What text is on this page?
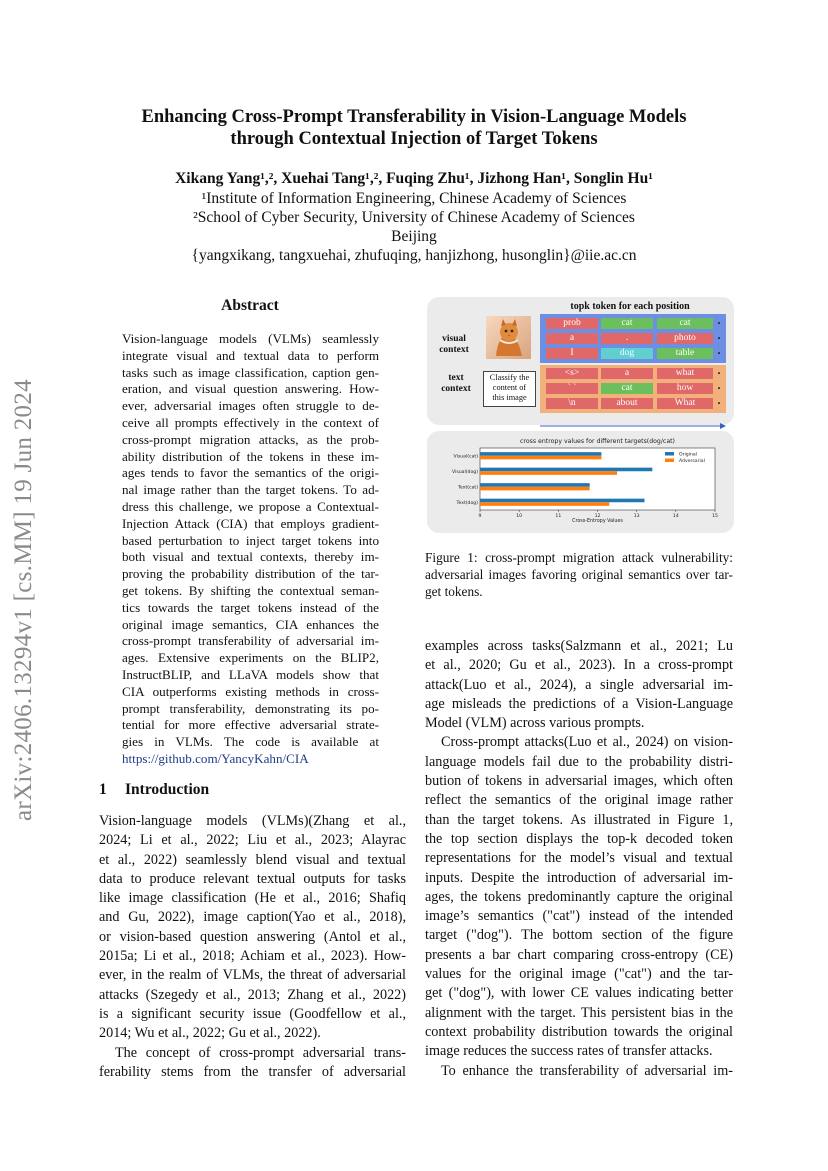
arXiv:2406.13294v1 [cs.MM] 19 Jun 2024
Enhancing Cross-Prompt Transferability in Vision-Language Models
through Contextual Injection of Target Tokens
Xikang Yang¹,², Xuehai Tang¹,², Fuqing Zhu¹, Jizhong Han¹, Songlin Hu¹
¹Institute of Information Engineering, Chinese Academy of Sciences
²School of Cyber Security, University of Chinese Academy of Sciences
Beijing
{yangxikang, tangxuehai, zhufuqing, hanjizhong, husonglin}@iie.ac.cn
Abstract
Vision-language models (VLMs) seamlessly
integrate visual and textual data to perform
tasks such as image classification, caption gen-
eration, and visual question answering. How-
ever, adversarial images often struggle to de-
ceive all prompts effectively in the context of
cross-prompt migration attacks, as the prob-
ability distribution of the tokens in these im-
ages tends to favor the semantics of the origi-
nal image rather than the target tokens. To ad-
dress this challenge, we propose a Contextual-
Injection Attack (CIA) that employs gradient-
based perturbation to inject target tokens into
both visual and textual contexts, thereby im-
proving the probability distribution of the tar-
get tokens. By shifting the contextual seman-
tics towards the target tokens instead of the
original image semantics, CIA enhances the
cross-prompt transferability of adversarial im-
ages. Extensive experiments on the BLIP2,
InstructBLIP, and LLaVA models show that
CIA outperforms existing methods in cross-
prompt transferability, demonstrating its po-
tential for more effective adversarial strate-
gies in VLMs. The code is available at
https://github.com/YancyKahn/CIA
1 Introduction
Vision-language models (VLMs)(Zhang et al.,
2024; Li et al., 2022; Liu et al., 2023; Alayrac
et al., 2022) seamlessly blend visual and textual
data to produce relevant textual outputs for tasks
like image classification (He et al., 2016; Shafiq
and Gu, 2022), image caption(Yao et al., 2018),
or vision-based question answering (Antol et al.,
2015a; Li et al., 2018; Achiam et al., 2023). How-
ever, in the realm of VLMs, the threat of adversarial
attacks (Szegedy et al., 2013; Zhang et al., 2022)
is a significant security issue (Goodfellow et al.,
2014; Wu et al., 2022; Gu et al., 2022).
The concept of cross-prompt adversarial trans-
ferability stems from the transfer of adversarial
examples across tasks(Salzmann et al., 2021; Lu
et al., 2020; Gu et al., 2023). In a cross-prompt
attack(Luo et al., 2024), a single adversarial im-
age misleads the predictions of a Vision-Language
Model (VLM) across various prompts.
Cross-prompt attacks(Luo et al., 2024) on vision-
language models fail due to the probability distri-
bution of tokens in adversarial images, which often
reflect the semantics of the original image rather
than the target tokens. As illustrated in Figure 1,
the top section displays the top-k decoded token
representations for the model’s visual and textual
inputs. Despite the introduction of adversarial im-
ages, the tokens predominantly capture the original
image’s semantics ("cat") instead of the intended
target ("dog"). The bottom section of the figure
presents a bar chart comparing cross-entropy (CE)
values for the original image ("cat") and the tar-
get ("dog"), with lower CE values indicating better
alignment with the target. This persistent bias in the
context probability distribution towards the original
image reduces the success rates of transfer attacks.
To enhance the transferability of adversarial im-
topk token for each position
visual
context
text
context
Classify the
content of
this image
prob	cat	cat	·
a	.	photo	·
I	dog	table	·
<s>	a	what	·
` `	cat	how	·
\n	about	What	·
cross entropy values for different targets(dog/cat)
Cross-Entropy Values
9	10	11	12	13	14	15
Visual(cat)
Visual(dog)
Text(cat)
Text(dog)
Original
Adversarial
Figure 1: cross-prompt migration attack vulnerability:
adversarial images favoring original semantics over tar-
get tokens.
